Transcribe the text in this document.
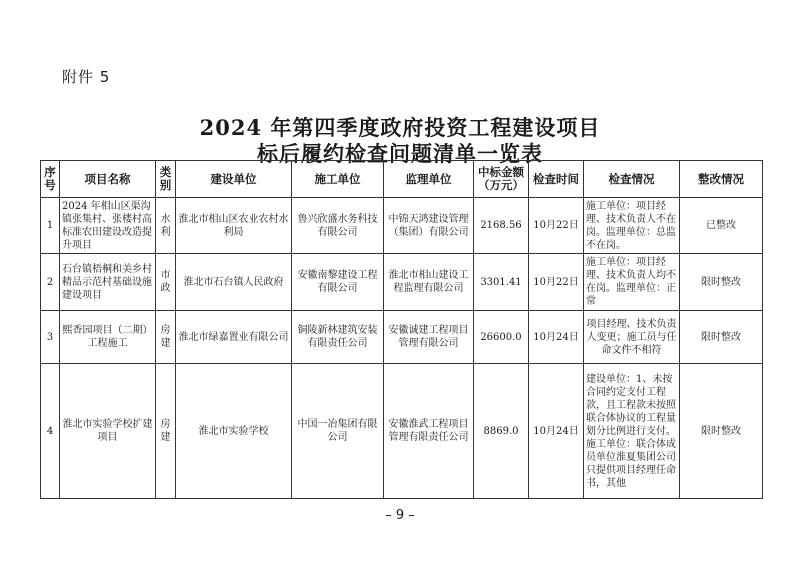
附件 5
2024 年第四季度政府投资工程建设项目
标后履约检查问题清单一览表
序号	项目名称	类别	建设单位	施工单位	监理单位	中标金额（万元）	检查时间	检查情况	整改情况
1	2024 年相山区渠沟镇张集村、张楼村高标准农田建设改造提升项目	水利	淮北市相山区农业农村水利局	鲁兴欣盛水务科技有限公司	中锦天鸿建设管理（集团）有限公司	2168.56	10月22日	施工单位：项目经理、技术负责人不在岗。监理单位：总监不在岗。	已整改
2	石台镇梧桐和美乡村精品示范村基础设施建设项目	市政	淮北市石台镇人民政府	安徽南黎建设工程有限公司	淮北市相山建设工程监理有限公司	3301.41	10月22日	施工单位：项目经理、技术负责人均不在岗。监理单位：正常	限时整改
3	熙香园项目（二期）工程施工	房建	淮北市绿嘉置业有限公司	铜陵新林建筑安装有限责任公司	安徽诚建工程项目管理有限公司	26600.0	10月24日	项目经理、技术负责人变更；施工员与任命文件不相符	限时整改
4	淮北市实验学校扩建项目	房建	淮北市实验学校	中国一冶集团有限公司	安徽淮武工程项目管理有限责任公司	8869.0	10月24日	建设单位：1、未按合同约定支付工程款，且工程款未按照联合体协议的工程量划分比例进行支付。施工单位：联合体成员单位淮夏集团公司只提供项目经理任命书，其他	限时整改
– 9 –
